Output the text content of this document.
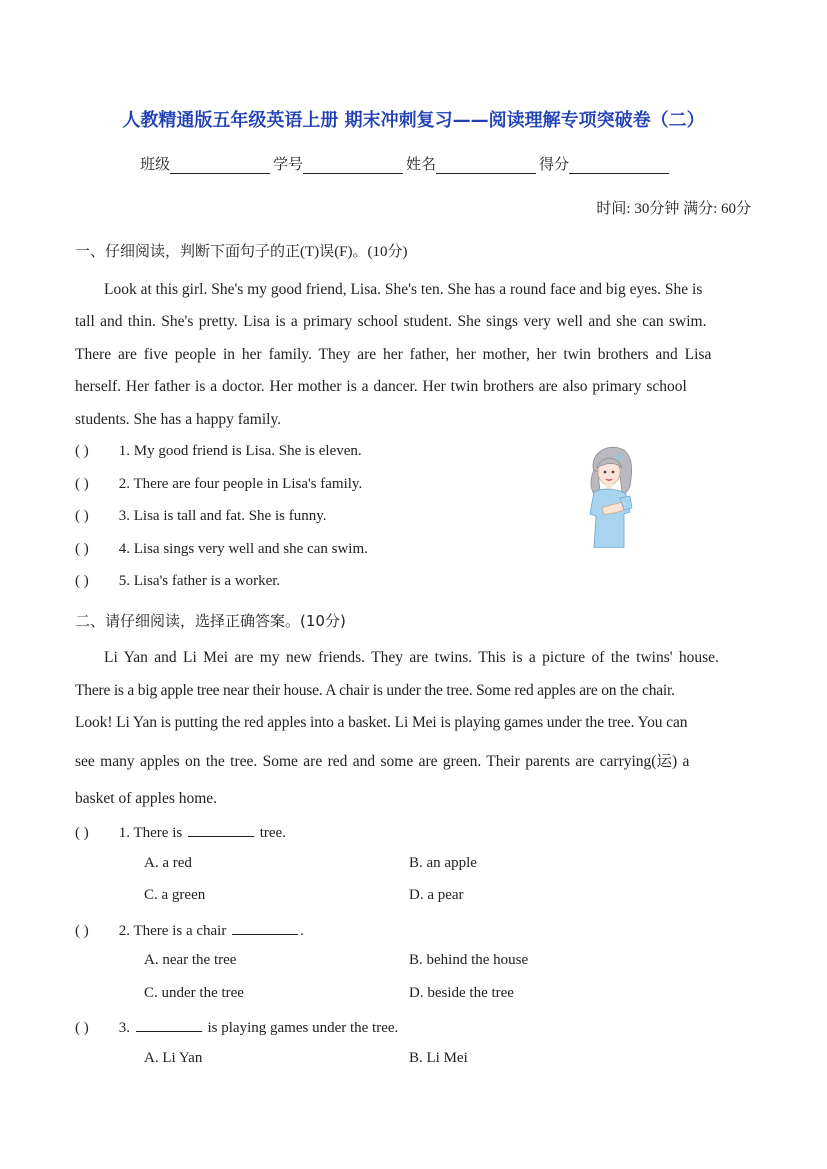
人教精通版五年级英语上册 期末冲刺复习——阅读理解专项突破卷（二）
班级	学号	姓名	得分
时间: 30分钟 满分: 60分
一、仔细阅读，判断下面句子的正(T)误(F)。(10分)
Look at this girl. She's my good friend, Lisa. She's ten. She has a round face and big eyes. She is
tall and thin. She's pretty. Lisa is a primary school student. She sings very well and she can swim.
There are five people in her family. They are her father, her mother, her twin brothers and Lisa
herself. Her father is a doctor. Her mother is a dancer. Her twin brothers are also primary school
students. She has a happy family.
( ) 1. My good friend is Lisa. She is eleven.
( ) 2. There are four people in Lisa's family.
( ) 3. Lisa is tall and fat. She is funny.
( ) 4. Lisa sings very well and she can swim.
( ) 5. Lisa's father is a worker.
二、请仔细阅读，选择正确答案。(10分)
Li Yan and Li Mei are my new friends. They are twins. This is a picture of the twins' house.
There is a big apple tree near their house. A chair is under the tree. Some red apples are on the chair.
Look! Li Yan is putting the red apples into a basket. Li Mei is playing games under the tree. You can
see many apples on the tree. Some are red and some are green. Their parents are carrying(运) a
basket of apples home.
( ) 1. There is	tree.
A. a red	B. an apple
C. a green	D. a pear
( ) 2. There is a chair	.
A. near the tree	B. behind the house
C. under the tree	D. beside the tree
( ) 3.	is playing games under the tree.
A. Li Yan	B. Li Mei
